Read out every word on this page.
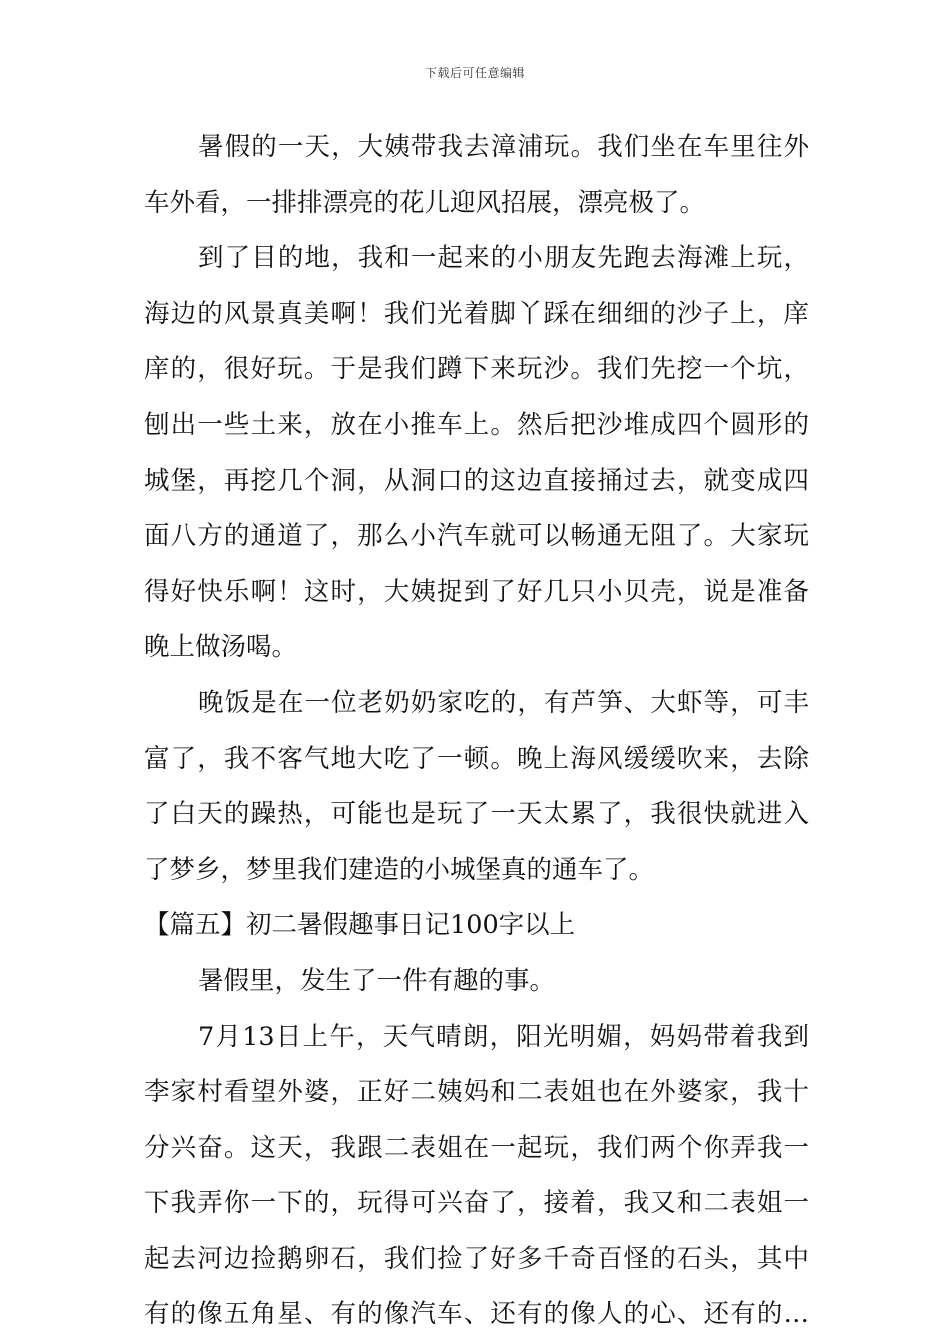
下载后可任意编辑
暑假的一天，大姨带我去漳浦玩。我们坐在车里往外
车外看，一排排漂亮的花儿迎风招展，漂亮极了。
到了目的地，我和一起来的小朋友先跑去海滩上玩，
海边的风景真美啊！我们光着脚丫踩在细细的沙子上，庠
庠的，很好玩。于是我们蹲下来玩沙。我们先挖一个坑，
刨出一些土来，放在小推车上。然后把沙堆成四个圆形的
城堡，再挖几个洞，从洞口的这边直接捅过去，就变成四
面八方的通道了，那么小汽车就可以畅通无阻了。大家玩
得好快乐啊！这时，大姨捉到了好几只小贝壳，说是准备
晚上做汤喝。
晚饭是在一位老奶奶家吃的，有芦笋、大虾等，可丰
富了，我不客气地大吃了一顿。晚上海风缓缓吹来，去除
了白天的躁热，可能也是玩了一天太累了，我很快就进入
了梦乡，梦里我们建造的小城堡真的通车了。
【篇五】初二暑假趣事日记100字以上
暑假里，发生了一件有趣的事。
7月13日上午，天气晴朗，阳光明媚，妈妈带着我到
李家村看望外婆，正好二姨妈和二表姐也在外婆家，我十
分兴奋。这天，我跟二表姐在一起玩，我们两个你弄我一
下我弄你一下的，玩得可兴奋了，接着，我又和二表姐一
起去河边捡鹅卵石，我们捡了好多千奇百怪的石头，其中
有的像五角星、有的像汽车、还有的像人的心、还有的…
